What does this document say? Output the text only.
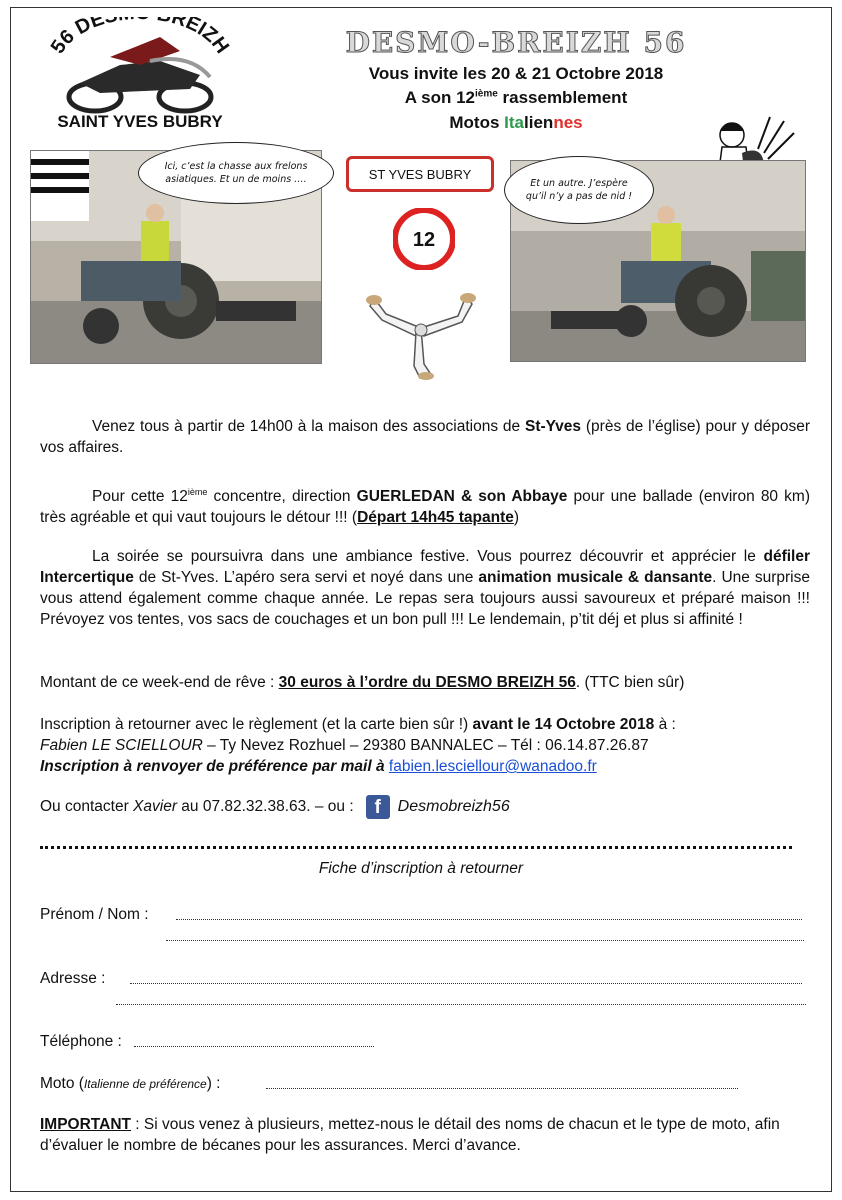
56 DE REIZH
SAINT YVES BUBRY
DESMO-BREIZH 56
Vous invite les 20 & 21 Octobre 2018
A son 12ième rassemblement
Motos Italiennes
Ici, c’est la chasse aux frelons asiatiques. Et un de moins ….	Et un autre. J’espère qu’il n’y a pas de nid !
ST YVES BUBRY
12
Venez tous à partir de 14h00 à la maison des associations de St-Yves (près de l’église) pour y déposer vos affaires.
Pour cette 12ième concentre, direction GUERLEDAN & son Abbaye pour une ballade (environ 80 km) très agréable et qui vaut toujours le détour !!! (Départ 14h45 tapante)
La soirée se poursuivra dans une ambiance festive. Vous pourrez découvrir et apprécier le défiler Intercertique de St-Yves. L’apéro sera servi et noyé dans une animation musicale & dansante. Une surprise vous attend également comme chaque année. Le repas sera toujours aussi savoureux et préparé maison !!! Prévoyez vos tentes, vos sacs de couchages et un bon pull !!! Le lendemain, p’tit déj et plus si affinité !
Montant de ce week-end de rêve : 30 euros à l’ordre du DESMO BREIZH 56. (TTC bien sûr)
Inscription à retourner avec le règlement (et la carte bien sûr !) avant le 14 Octobre 2018 à :
Fabien LE SCIELLOUR – Ty Nevez Rozhuel – 29380 BANNALEC – Tél : 06.14.87.26.87
Inscription à renvoyer de préférence par mail à fabien.lesciellour@wanadoo.fr
Ou contacter Xavier au 07.82.32.38.63. – ou : f Desmobreizh56
Fiche d’inscription à retourner
Prénom / Nom :
Adresse :
Téléphone :
Moto (Italienne de préférence) :
IMPORTANT : Si vous venez à plusieurs, mettez-nous le détail des noms de chacun et le type de moto, afin d’évaluer le nombre de bécanes pour les assurances. Merci d’avance.
